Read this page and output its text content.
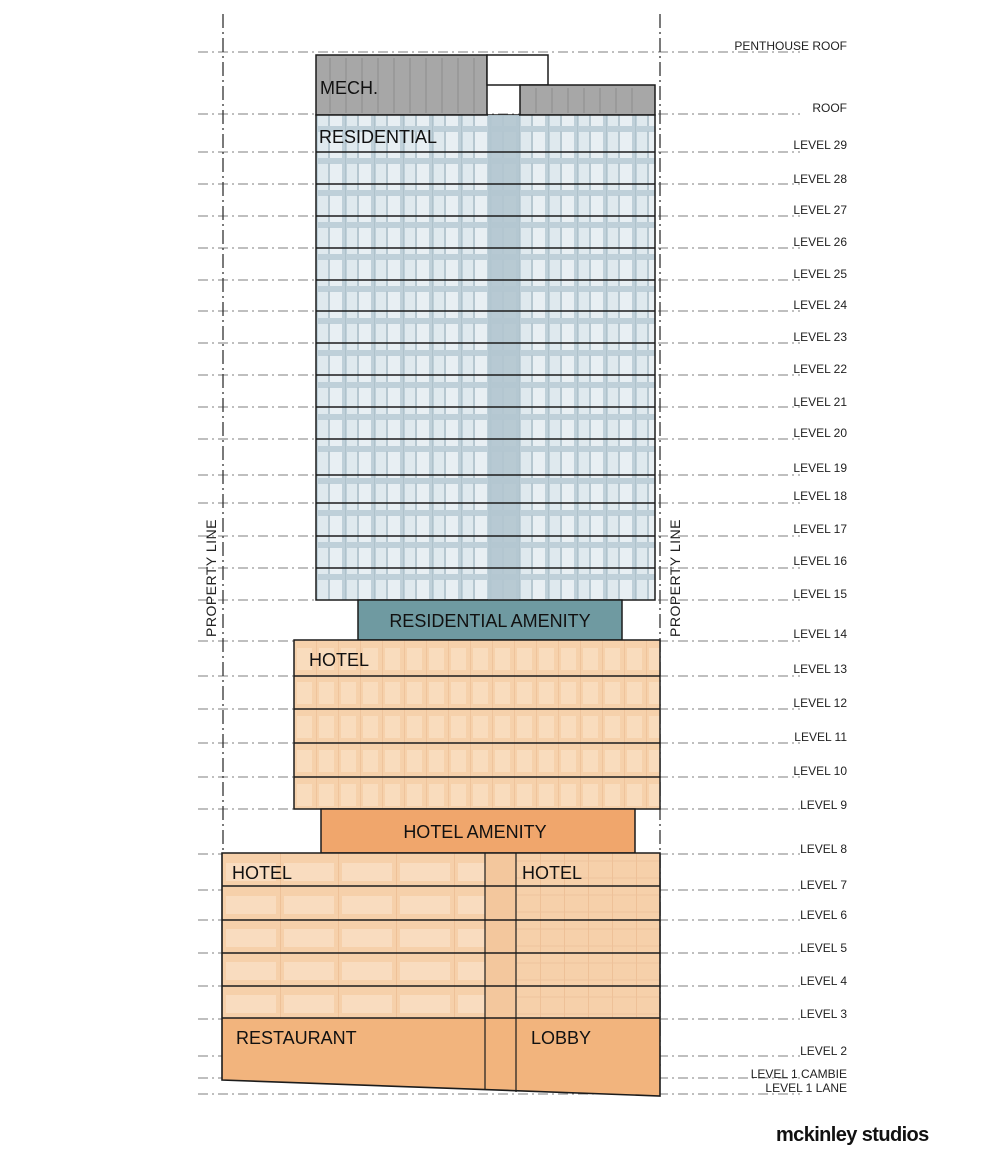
MECH.
RESIDENTIAL
RESIDENTIAL AMENITY
HOTEL
HOTEL AMENITY
HOTEL	HOTEL
RESTAURANT	LOBBY
PROPERTY LINE	PROPERTY LINE
PENTHOUSE ROOF
ROOF
LEVEL 29
LEVEL 28
LEVEL 27
LEVEL 26
LEVEL 25
LEVEL 24
LEVEL 23
LEVEL 22
LEVEL 21
LEVEL 20
LEVEL 19
LEVEL 18
LEVEL 17
LEVEL 16
LEVEL 15
LEVEL 14
LEVEL 13
LEVEL 12
LEVEL 11
LEVEL 10
LEVEL 9
LEVEL 8
LEVEL 7
LEVEL 6
LEVEL 5
LEVEL 4
LEVEL 3
LEVEL 2
LEVEL 1 CAMBIE
LEVEL 1 LANE
mckinley studios
